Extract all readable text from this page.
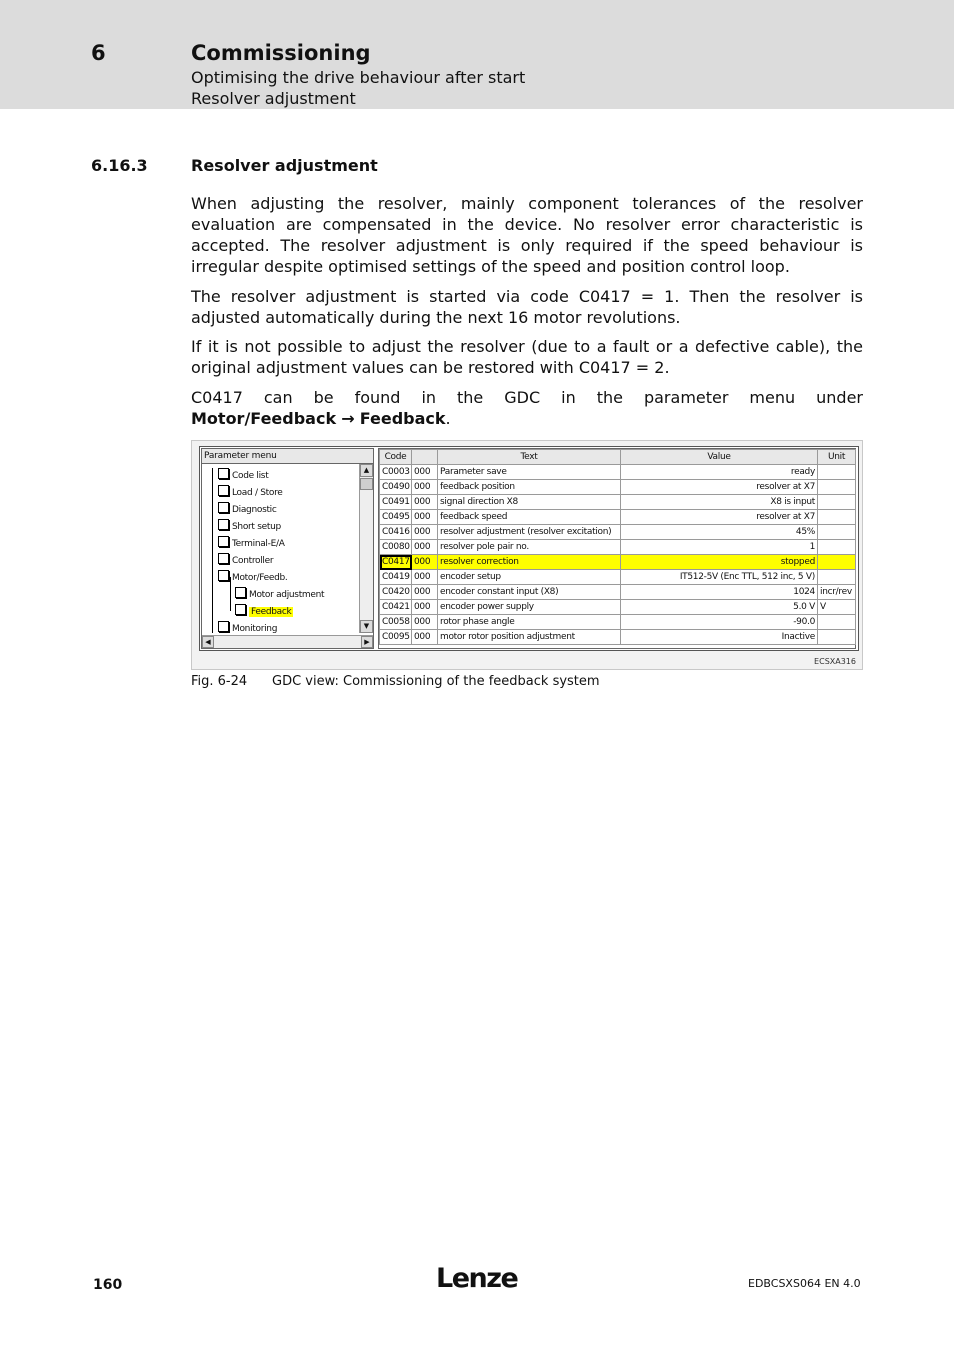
6	Commissioning
Optimising the drive behaviour after start
Resolver adjustment
6.16.3	Resolver adjustment

When adjusting the resolver, mainly component tolerances of the resolver evaluation are compensated in the device. No resolver error characteristic is accepted. The resolver adjustment is only required if the speed behaviour is irregular despite optimised settings of the speed and position control loop.

The resolver adjustment is started via code C0417 = 1. Then the resolver is adjusted automatically during the next 16 motor revolutions.

If it is not possible to adjust the resolver (due to a fault or a defective cable), the original adjustment values can be restored with C0417 = 2.

C0417 can be found in the GDC in the parameter menu under
Motor/Feedback → Feedback.
Parameter menu
Code list
Load / Store
Diagnostic
Short setup
Terminal-E/A
Controller
Motor/Feedb.
Motor adjustment
Feedback
Monitoring
▲
▼
◀	▶
Code		Text	Value	Unit
C0003	000	Parameter save	ready	
C0490	000	feedback position	resolver at X7	
C0491	000	signal direction X8	X8 is input	
C0495	000	feedback speed	resolver at X7	
C0416	000	resolver adjustment (resolver excitation)	45%	
C0080	000	resolver pole pair no.	1	
C0417	000	resolver correction	stopped	
C0419	000	encoder setup	IT512-5V (Enc TTL, 512 inc, 5 V)	
C0420	000	encoder constant input (X8)	1024	incr/rev
C0421	000	encoder power supply	5.0 V	V
C0058	000	rotor phase angle	-90.0	
C0095	000	motor rotor position adjustment	Inactive	
ECSXA316
Fig. 6-24 GDC view: Commissioning of the feedback system
160	Lenze	EDBCSXS064 EN 4.0
